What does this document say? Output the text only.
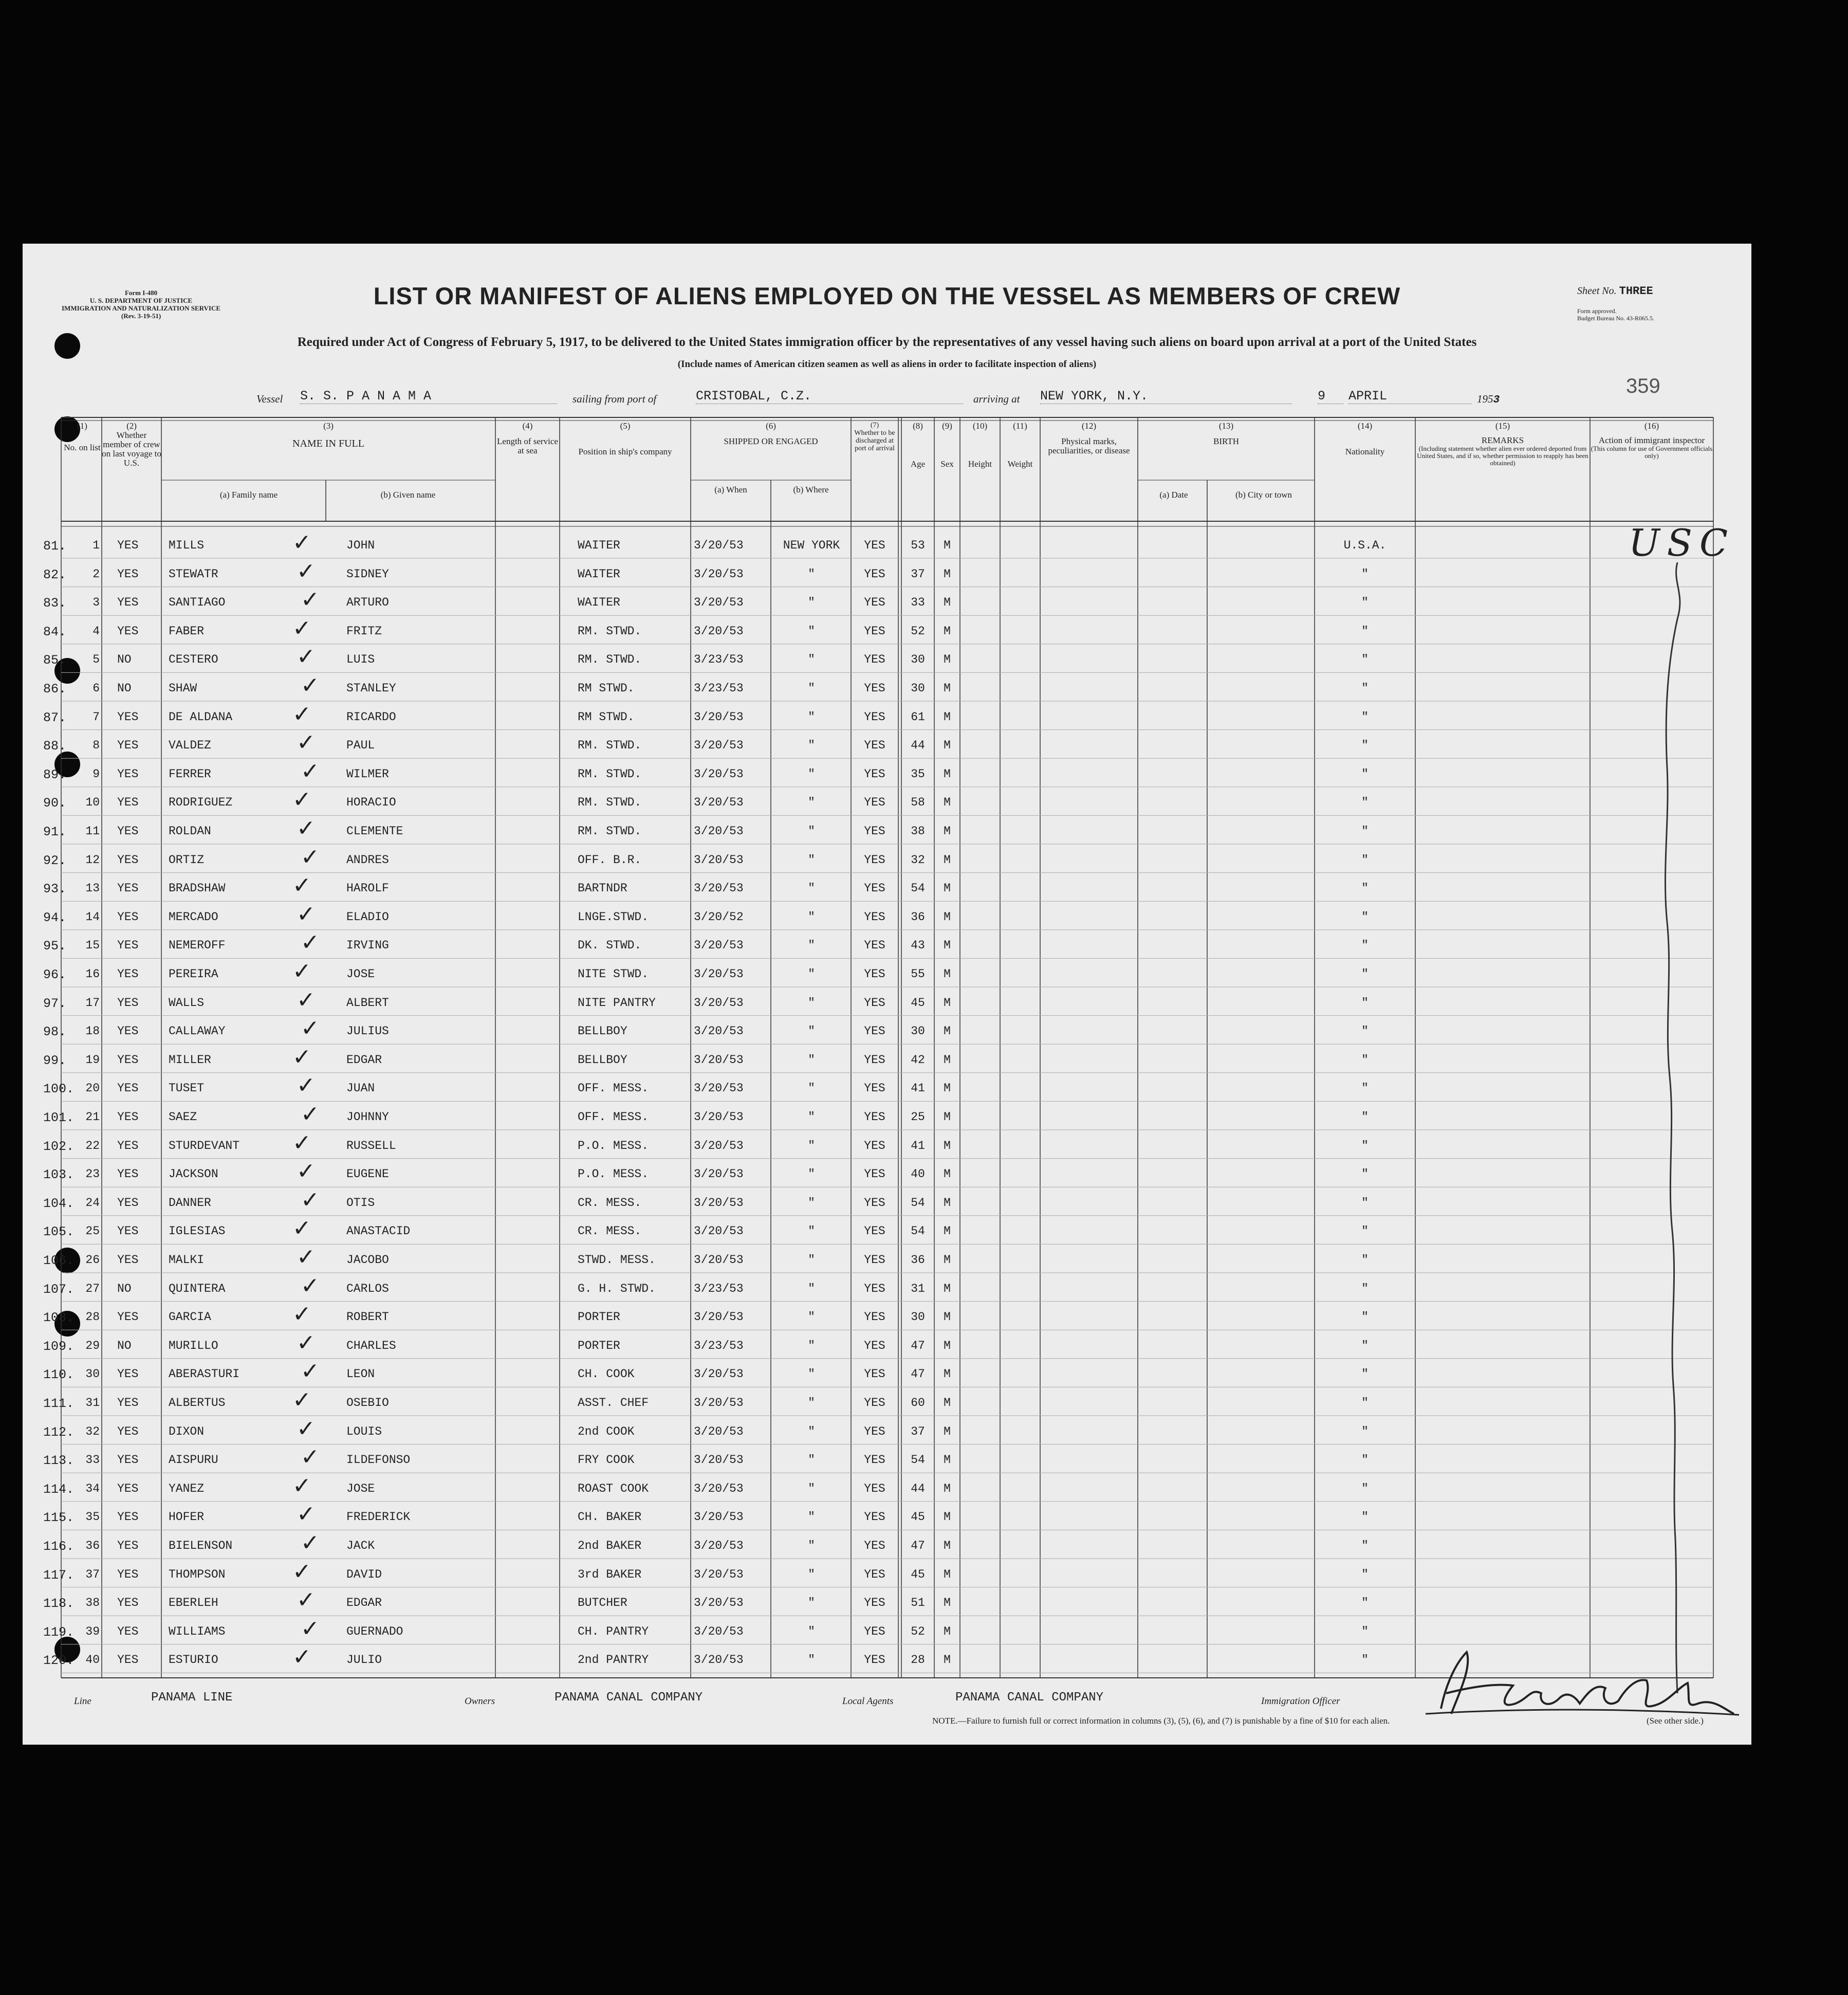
Form I-480
U. S. DEPARTMENT OF JUSTICE
IMMIGRATION AND NATURALIZATION SERVICE
(Rev. 3-19-51)
LIST OR MANIFEST OF ALIENS EMPLOYED ON THE VESSEL AS MEMBERS OF CREW
Required under Act of Congress of February 5, 1917, to be delivered to the United States immigration officer by the representatives of any vessel having such aliens on board upon arrival at a port of the United States
(Include names of American citizen seamen as well as aliens in order to facilitate inspection of aliens)
Sheet No. THREE
Form approved.
Budget Bureau No. 43-R065.5.
359
Vessel S. S. P A N A M A	sailing from port of	CRISTOBAL, C.Z.	arriving at NEW YORK, N.Y.	9	APRIL	1953
(1)
No. on list
(2)
Whether member of crew on last voyage to U.S.
(3)
NAME IN FULL
(a) Family name	(b) Given name
(4)
Length of service at sea
(5)
Position in ship's company
(6)
SHIPPED OR ENGAGED
(a) When	(b) Where
(7)
Whether to be discharged at port of arrival
(8)
Age
(9)
Sex
(10)
Height
(11)
Weight
(12)
Physical marks, peculiarities, or disease
(13)
BIRTH
(a) Date	(b) City or town
(14)
Nationality
(15)
REMARKS
(Including statement whether alien ever ordered deported from United States, and if so, whether permission to reapply has been obtained)
(16)
Action of immigrant inspector
(This column for use of Government officials only)
81.	1 YES	MILLS	JOHN	WAITER	3/20/53	NEW YORK	YES	53	M	U.S.A.
✓
82.	2 YES	STEWATR	SIDNEY	WAITER	3/20/53	"	YES	37	M	"
✓
83.	3 YES	SANTIAGO	ARTURO	WAITER	3/20/53	"	YES	33	M	"
✓
84.	4 YES	FABER	FRITZ	RM. STWD.	3/20/53	"	YES	52	M	"
✓
85.	5 NO	CESTERO	LUIS	RM. STWD.	3/23/53	"	YES	30	M	"
✓
86.	6 NO	SHAW	STANLEY	RM STWD.	3/23/53	"	YES	30	M	"
✓
87.	7 YES	DE ALDANA	RICARDO	RM STWD.	3/20/53	"	YES	61	M	"
✓
88.	8 YES	VALDEZ	PAUL	RM. STWD.	3/20/53	"	YES	44	M	"
✓
89.	9 YES	FERRER	WILMER	RM. STWD.	3/20/53	"	YES	35	M	"
✓
90.	10 YES	RODRIGUEZ	HORACIO	RM. STWD.	3/20/53	"	YES	58	M	"
✓
91.	11 YES	ROLDAN	CLEMENTE	RM. STWD.	3/20/53	"	YES	38	M	"
✓
92.	12 YES	ORTIZ	ANDRES	OFF. B.R.	3/20/53	"	YES	32	M	"
✓
93.	13 YES	BRADSHAW	HAROLF	BARTNDR	3/20/53	"	YES	54	M	"
✓
94.	14 YES	MERCADO	ELADIO	LNGE.STWD.	3/20/52	"	YES	36	M	"
✓
95.	15 YES	NEMEROFF	IRVING	DK. STWD.	3/20/53	"	YES	43	M	"
✓
96.	16 YES	PEREIRA	JOSE	NITE STWD.	3/20/53	"	YES	55	M	"
✓
97.	17 YES	WALLS	ALBERT	NITE PANTRY	3/20/53	"	YES	45	M	"
✓
98.	18 YES	CALLAWAY	JULIUS	BELLBOY	3/20/53	"	YES	30	M	"
✓
99.	19 YES	MILLER	EDGAR	BELLBOY	3/20/53	"	YES	42	M	"
✓
100. 20 YES	TUSET	JUAN	OFF. MESS.	3/20/53	"	YES	41	M	"
✓
101. 21 YES	SAEZ	JOHNNY	OFF. MESS.	3/20/53	"	YES	25	M	"
✓
102. 22 YES	STURDEVANT	RUSSELL	P.O. MESS.	3/20/53	"	YES	41	M	"
✓
103. 23 YES	JACKSON	EUGENE	P.O. MESS.	3/20/53	"	YES	40	M	"
✓
104. 24 YES	DANNER	OTIS	CR. MESS.	3/20/53	"	YES	54	M	"
✓
105. 25 YES	IGLESIAS	ANASTACID	CR. MESS.	3/20/53	"	YES	54	M	"
✓
106. 26 YES	MALKI	JACOBO	STWD. MESS.	3/20/53	"	YES	36	M	"
✓
107. 27 NO	QUINTERA	CARLOS	G. H. STWD.	3/23/53	"	YES	31	M	"
✓
108. 28 YES	GARCIA	ROBERT	PORTER	3/20/53	"	YES	30	M	"
✓
109. 29 NO	MURILLO	CHARLES	PORTER	3/23/53	"	YES	47	M	"
✓
110. 30 YES	ABERASTURI	LEON	CH. COOK	3/20/53	"	YES	47	M	"
✓
111. 31 YES	ALBERTUS	OSEBIO	ASST. CHEF	3/20/53	"	YES	60	M	"
✓
112. 32 YES	DIXON	LOUIS	2nd COOK	3/20/53	"	YES	37	M	"
✓
113. 33 YES	AISPURU	ILDEFONSO	FRY COOK	3/20/53	"	YES	54	M	"
✓
114. 34 YES	YANEZ	JOSE	ROAST COOK	3/20/53	"	YES	44	M	"
✓
115. 35 YES	HOFER	FREDERICK	CH. BAKER	3/20/53	"	YES	45	M	"
✓
116. 36 YES	BIELENSON	JACK	2nd BAKER	3/20/53	"	YES	47	M	"
✓
117. 37 YES	THOMPSON	DAVID	3rd BAKER	3/20/53	"	YES	45	M	"
✓
118. 38 YES	EBERLEH	EDGAR	BUTCHER	3/20/53	"	YES	51	M	"
✓
119. 39 YES	WILLIAMS	GUERNADO	CH. PANTRY	3/20/53	"	YES	52	M	"
✓
120. 40 YES	ESTURIO	JULIO	2nd PANTRY	3/20/53	"	YES	28	M	"
✓
USC
Line	PANAMA LINE	Owners	PANAMA CANAL COMPANY	Local Agents	PANAMA CANAL COMPANY	Immigration Officer
NOTE.—Failure to furnish full or correct information in columns (3), (5), (6), and (7) is punishable by a fine of $10 for each alien.	(See other side.)
